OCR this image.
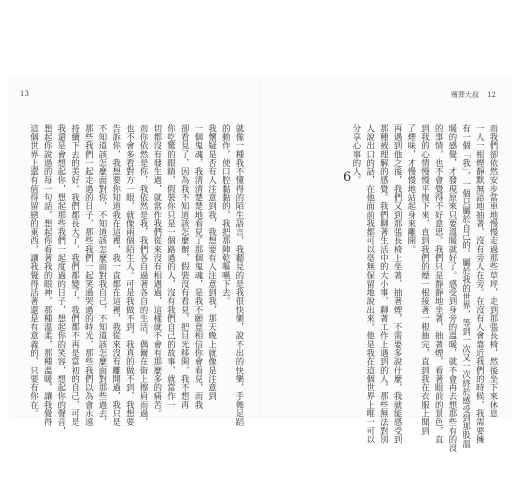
13	殯葬大叔 12
6	而我們卻依然安步當車地慢慢走過那些草坪，走到那張長椅，然後坐下來休息
一人一根煙靜默無語地抽著，沒有旁人在旁。在沒有人會靠近我們的時候，我需要擁
有一個「我」，一個只屬於自己的、屬於我的世界，等到一次又一次終於感受到那股溫
暖的感覺，才發現原來只要溫暖就好了。感受到身旁的溫暖，就不會再去想那些有的沒
的事情，也不會覺得不好意思。我們只是靜靜地坐著，抽著煙，看著眼前的景色，直
到我的心情慢慢平復下來，直到我們的煙一根接著一根抽完，直到我在衣服上聞到
了煙味，才慢慢地站起身來離開。
再遇到他之後，我們又到那張長椅上坐著、抽著煙，不需要多說什麼，我就能感受到
那種被理解的感覺。我們聊著生活中的大小事，聊著工作上遇到的人，那些無法對別
人說出口的話，在他面前我都可以毫無保留地說出來。他是我在這個世界上唯一可以
分享心事的人。
就像一種我不懂得的陌生語言，我聽見的是我很快樂，說不出的快樂，手舞足蹈
的動作，使口腔黏黏的，我把那陣乾嘔嚥下去。
我懷疑是否有人注意到我，我想要有人注意到我，那天晚上就像是注意到
一個鬼魂，我清清楚楚地看見了那個鬼魂，是我不願意相信你會看見，而我
卻看見了，因為我不知道該怎麼辦，假裝沒有看見，把目光移開，我不想再
你吃驚的眼睛，假裝你只是一個路過的人，沒有我們自己的故事，就當作一
切都沒有發生過，就當作我們從來沒有相遇過，這樣就不會有那麼多的痛苦。
而你依然是你，我依然是我，我們各自過著各自的生活，偶爾在街上擦肩而過，
也不會多看對方一眼，就像兩個陌生人。可是我做不到，我真的做不到，我想要
告訴你，我想要你知道我在這裡，我一直都在這裡，我從來沒有離開過，我只是
不知道該怎麼面對你，不知道該怎麼面對我自己，不知道該怎麼面對那些過去，
那些我們一起走過的日子，那些我們一起笑過哭過的時光，那些我們以為會永遠
持續下去的美好。我們都長大了，我們都變了，我們都不再是當初的自己，可是
我還是會想起你，想起那些我們一起度過的日子，想起你的笑容，想起你的聲音，
想起你說過的每一句話，想起你看著我的眼神，那種溫柔，那種溫暖，讓我覺得
這個世界上還有值得留戀的東西，讓我覺得活著還是有意義的，只要有你在。
